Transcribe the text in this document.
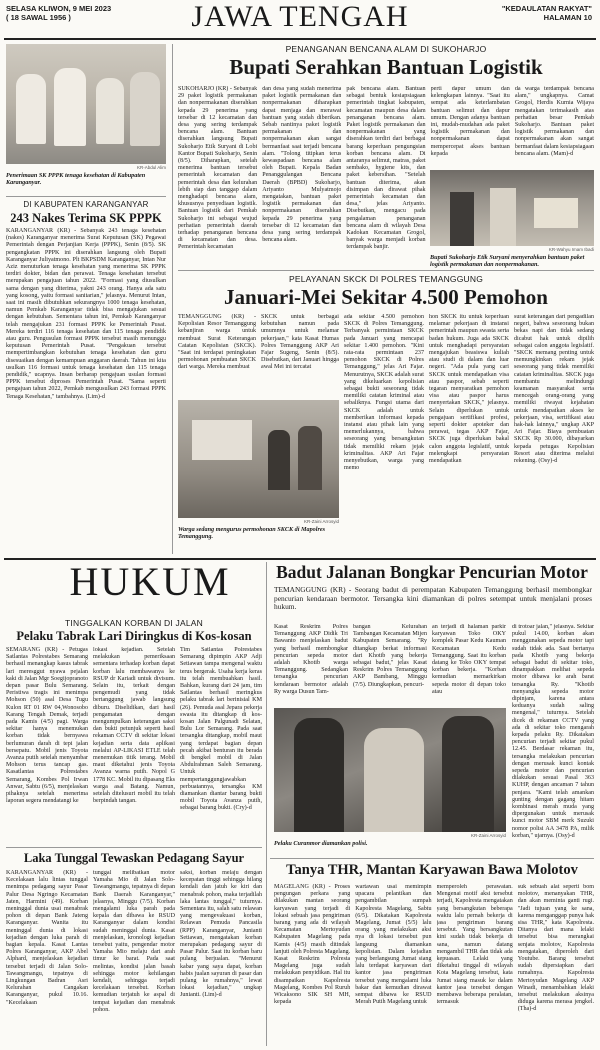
SELASA KLIWON, 9 MEI 2023
( 18 SAWAL 1956 )	JAWA TENGAH	"KEDAULATAN RAKYAT"
HALAMAN 10
KR-Abdul Alim
Penerimaan SK PPPK tenaga kesehatan di Kabupaten Karanganyar.
DI KABUPATEN KARANGANYAR
243 Nakes Terima SK PPPK
KARANGANYAR (KR) - Sebanyak 243 tenaga kesehatan (nakes) Karanganyar menerima Surat Keputusan (SK) Pegawai Pemerintah dengan Perjanjian Kerja (PPPK), Senin (8/5). SK pengangkatan PPPK ini diserahkan langsung oleh Bupati Karanganyar Juliyatmono. Plt BKPSDM Karanganyar, Intan Nur Aziz menuturkan tenaga kesehatan yang menerima SK PPPK terdiri dokter, bidan dan perawat. Tenaga kesehatan tersebut merupakan pengajuan tahun 2022. "Formasi yang diusulkan sama dengan yang diterima, yakni 243 orang. Hanya ada satu yang kosong, yaitu formasi sanitarian," jelasnya. Menurut Intan, saat ini masih dibutuhkan sekurangnya 1000 tenaga kesehatan, namun Pemkab Karanganyar tidak bisa mengajukan sesuai dengan kebutuhan. Sementara tahun ini, Pemkab Karanganyar telah mengajukan 231 formasi PPPK ke Pemerintah Pusat. Mereka terdiri 116 tenaga kesehatan dan 115 tenaga pendidik atau guru. Pengusulan formasi PPPK tersebut masih menunggu keputusan Pemerintah Pusat. "Pengakuan tersebut mempertimbangkan kebutuhan tenaga kesehatan dan guru disesuaikan dengan kemampuan anggaran daerah. Tahun ini kita usulkan 116 formasi untuk tenaga kesehatan dan 115 tenaga pendidik," ucapnya. Insan berharap pengajuan usulan formasi PPPK tersebut diproses Pemerintah Pusat. "Sama seperti pengajuan tahun 2022, Pemkab mengusulkan 243 formasi PPPK Tenaga Kesehatan," tambahnya. (Lim)-d
PENANGANAN BENCANA ALAM DI SUKOHARJO
Bupati Serahkan Bantuan Logistik
SUKOHARJO (KR) - Sebanyak 29 paket logistik permakanan dan nonpermakanan diserahkan kepada 29 penerima yang tersebar di 12 kecamatan dan desa yang sering terdampak bencana alam. Bantuan diserahkan langsung Bupati Sukoharjo Etik Suryani di Lobi Kantor Bupati Sukoharjo, Senin (8/5). Diharapkan, setelah menerima bantuan tersebut pemerintah kecamatan dan pemerintah desa dan kelurahan lebih siap dan tanggap dalam menghadapi bencana alam, khususnya penyediaan logistik. Bantuan logistik dari Pemkab Sukoharjo ini sebagai wujud perhatian pemerintah daerah terhadap penanganan bencana di kecamatan dan desa. Pemerintah kecamatan
dan desa yang sudah menerima paket logistik permakanan dan nonpermakanan diharapkan dapat menjaga dan merawat bantuan yang sudah diberikan. Sebab nantinya paket logistik permakanan dan nonpermakanan akan sangat bermanfaat saat terjadi bencana alam. "Tolong titipkan terus kewaspadaan bencana alam oleh Bupati. Kepala Badan Penanggulangan Bencana Daerah (BPBD) Sukoharjo, Ariyanto Mulyatmojo mengatakan, bantuan paket logistik permakanan dan nonpermakanan diserahkan kepada 29 penerima yang tersebar di 12 kecamatan dan desa yang sering terdampak bencana alam.
pak bencana alam. Bantuan sebagai bentuk kesiapsiagaan pemerintah tingkat kabupaten, kecamatan maupun desa dalam penanganan bencana alam. Paket logistik permakanan dan nonpermakanan yang diserahkan terdiri dari berbagai barang keperluan pengungsian korban bencana alam. Di antaranya selimut, matras, paket sembako, hygiene kits, dan paket kebersihan. "Setelah bantuan diterima, akan disimpan dan dirawat pihak pemerintah kecamatan dan desa," jelas Ariyanto. Disebutkan, mengacu pada pengalaman penanganan bencana alam di wilayah Desa Kadokan Kecamatan Grogol, banyak warga menjadi korban terdampak banjir.
perti dapur umum dan kelengkapan lainnya. "Saat itu sempat ada keterlambatan bantuan selimut dan dapur umum. Dengan adanya bantuan ini, mudah-mudahan ada paket logistik permakanan dan nonpermakanan dapat mempercepat akses bantuan kepada
da warga terdampak bencana alam," ungkapnya. Camat Grogol, Herdis Kurnia Wijaya mengatakan terimakasih atas perhatian besar Pemkab Sukoharjo. Bantuan paket logistik permakanan dan nonpermakanan akan sangat bermanfaat dalam kesiapsiagaan bencana alam. (Mam)-d
KR-Wahyu Imam Ibadi
Bupati Sukoharjo Etik Suryani menyerahkan bantuan paket logistik permakanan dan nonpermakanan.
PELAYANAN SKCK DI POLRES TEMANGGUNG
Januari-Mei Sekitar 4.500 Pemohon
TEMANGGUNG (KR) - Kepolisian Resor Temanggung kebanjiran warga untuk membuat Surat Keterangan Catatan Kepolisian (SKCK). "Saat ini terdapat peningkatan permohonan pembuatan SKCK dari warga. Mereka membuat
SKCK untuk berbagai kebutuhan namun pada umumnya untuk melamar pekerjaan," kata Kasat Humas Polres Temanggung AKP Ari Fajar Sugeng, Senin (8/5). Disebutkan, dari Januari hingga awal Mei ini tercatat
KR-Zaini Arrosyid
Warga sedang mengurus permohonan SKCK di Mapolres Temanggung.
ada sekitar 4.500 pemohon SKCK di Polres Temanggung. Terbanyak permintaan SKCK pada Januari yang mencapai sekitar 1.400 pemohon. "Kini rata-rata permintaan 237 pemohon SKCK di Polres Temanggung," jelas Ari Fajar. Menurutnya, SKCK adalah surat yang dikeluarkan kepolisian sebagai bukti seseorang tidak memiliki catatan kriminal atau sebaliknya. Fungsi utama dari SKCK adalah untuk memberikan informasi kepada instansi atau pihak lain yang memerlukannya, bahwa seseorang yang bersangkutan tidak memiliki rekam jejak kriminalitas. AKP Ari Fajar menyebutkan, warga yang memo
hon SKCK itu untuk keperluan melamar pekerjaan di instansi pemerintah maupun swasta serta badan hukum. Juga ada SKCK untuk menghadapi persyaratan mengajukan beasiswa kuliah atau studi di dalam dan luar negeri. "Ada pula yang cari SKCK untuk mendapatkan visa atau paspor, sebab seperti tegaran menyaratkan pemohon visa atau paspor harus menyertakan SKCK," jelasnya. Selain diperlukan untuk pengajuan sertifikasi profesi, seperti dokter apoteker dan perawat, tegas AKP Fajar, SKCK juga diperlukan bakal calon anggota legislatif, untuk melengkapi persyaratan mendapatkan
surat keterangan dari pengadilan negeri, bahwa seseorang bukan bekas napi dan tidak sedang dicabut hak untuk dipilih sebagai calon anggota legislatif. "SKCK memang penting untuk memungkinkan rekam jejak seseorang yang tidak memiliki catatan kriminalitas. SKCK juga membantu melindungi keamanan masyarakat serta mencegah orang-orang yang memiliki riwayat kejahatan untuk mendapatkan akses ke pekerjaan, visa, sertifikasi atau hak-hak lainnya," ungkap AKP Ari Fajar. Biaya pembuatan SKCK Rp 30.000, dibayarkan kepada petugas Kepolisian Resort atau diterima melalui rekening. (Osy)-d
HUKUM
TINGGALKAN KORBAN DI JALAN
Pelaku Tabrak Lari Diringkus di Kos-kosan
SEMARANG (KR) - Petugas Satlantas Polrestabes Semarang berhasil menangkap kasus tabrak lari meresggut nyawa pejalan kaki di Jalan Mgr Soegijopranoto depan pasar Bulu Semarang. Peristiwa tragis ini menimpa Mohson (50) asal Desa Tugu Kulon RT 01 RW 04,Wonosobo Karang Tengah Demak, terjadi pada Kamis (4/5) pagi. Warga sekitar hanya menemukan korban tidak bernyawa berlumuran darah di tepi jalan bersepatu. Mobil jenis Toyota Avanza putih setelah menyambar Mohson terus tancap gas. Kasatlantas Polrestabes Semarang, Kombes Pol Irwan Anwar, Sabtu (6/5), menjelaskan pihaknya setelah menerima laporan segera mendatangi ke
lokasi kejadian. Setelah melakukan pemeriksaan sementara terhadap korban dapat korban lalu membawanya ke RSUP dr Kariadi untuk divisum. Selain itu, terkait dengan pengemudi yang tidak bertanggung jawab langsung diburu. Diselidikan, dari hasil pengamatan dengan mengumpulkan keterangan saksi dan bukti petunjuk seperti hasil rekaman CCTV di sekitar lokasi kejadian serta data aplikasi melalui AP-LIKASI ETLE telah menemukan titik terang. Mobil maut diketahui jenis Toyota Avanza warna putih. Nopol G 1778 KC. Mobil itu dipasang Eks warga asal Batang. Namun, setelah ditelusuri mobil itu telah berpindah tangan.
Tim Satlantas Polrestabes Semarang dipimpin AKP Adji Setiawan tampa mengenal waktu terus bergerak. Usaha kerja keras itu telah membuahkan hasil. Bahkan, kurang dari 24 jam, tim Satlantas berhasil meringkus pelaku tabrak lari berinisial KM (26). Pemuda asal Jepara pekerja swasta itu ditangkap di kos-kosan Jalan Palgunadi Selatan, Bulu Lor Semarang. Pada saat tersangka ditangkap, mobil maut yang terdapat bagian depan pecah akibat benturan itu berada di bengkel mobil di Jalan Abdulrahman Saleh Semarang. Untuk mempertanggungjawabkan perbuatannya, tersangka KM diamankan diantar barang bukti mobil Toyota Avanza putih, sebagai barang bukti. (Cry)-d
Laka Tunggal Tewaskan Pedagang Sayur
KARANGANYAR (KR) - Kecelakaan lalu lintas tunggal menimpa pedagang sayur Pasar Palur Desa Ngringo Kecamatan Jaten, Harmini (49). Korban meninggal dunia usai menabrak pohon di depan Bank Jateng Karanganyar. Wanita itu meninggal dunia di lokasi kejadian dengan luka parah di bagian kepala. Kasat Lantas Polres Karanganyar, AKP Abel Alphard, menjelaskan kejadian tersebut terjadi di Jalan Solo-Tawangmangu, tepatnya di Lingkungan Badran Asri Kelurahan Cangakan Karanganyar, pukul 10.16. "Kecelakaan
tunggal melibatkan motor Yamaha Mio di Jalan Solo-Tawangmangu, tepatnya di depan Bank Daerah Karanganyar," jelasnya, Minggu (7/5). Korban mengalami luka parah pada kepala dan dibawa ke RSUD Karanganyar dalam kondisi sudah meninggal dunia. Kasat menjelaskan, kronologi kejadian tersebut yaitu, pengendar motor Yamaha Mio melaju dari arah timur ke barat. Pada saat melintas, kondisi jalan basah sehingga motor kehilangan kendali, sehingga terjadi kecelakaan tersebut. Korban kemudian terjatuh ke aspal di tempat kejadian dan menabrak pohon.
saksi, korban melaju dengan kecepatan tinggi sehingga hilang kendali dan jatuh ke kiri dan menabrak pohon, maka terjadilah laka lantas tunggal," tuturnya. Sementara itu, salah satu relawan yang mengevakuasi korban, Relawan Pemuda Pancasila (RPP) Karanganyar, Junianti Setiawan, mengatakan korban merupakan pedagang sayur di Pasar Palur. Saat itu korban baru pulang berjualan. "Menurut kabar yang saya dapat, korban habis jualan sayuran di pasar dan pulang ke rumahnya," lewat lokasi kejadian," ungkap Junianti. (Lim)-d
Badut Jalanan Bongkar Pencurian Motor
TEMANGGUNG (KR) - Seorang badut di perempatan Kabupaten Temanggung berhasil membongkar pencurian kendaraan bermotor. Tersangka kini diamankan di polres setempat untuk menjalani proses hukum.
Kasat Reskrim Polres Temanggung AKP Didik Tri Bawanto menjelaskan badut yang berhasil membongkar pencurian sepeda motor adalah Khotib warga Temanggung. Sedangkan tersangka pencurian kendaraan bermotor adalah Ry warga Dusun Tam-
bangan Kelurahan Tambangan Kecamatan Mijen Kabupaten Semarang. "Ry ditangkap berkat informasi dari Khotib yang bekerja sebagai badut," jelas Kasat Reskrim Polres Temanggung AKP Bambang, Minggu (7/5). Diungkapkan, pencuri-
an terjadi di halaman parkir karyawan Toko OKY komplek Pasar Kedu Kauman Kecamatan Kedu Temanggung. Saat itu korban datang ke Toko OKY tempat korban bekerja. "Korban kemudian memarkirkan sepeda motor di depan toko atau
di trotoar jalan," jelasnya. Sekitar pukul 14.00, korban akan menggunakan sepeda motor tapi sudah tidak ada. Saat bertanya pada Khotib yang bekerja sebagai badut di sekitar toko, dinampakkan melihat sepeda motor dibawa ke arah barat tersangka Ry. "Khotib menyangka sepeda motor dipinjam, karena antara keduanya sudah saling mengenal," tuturnya. Setelah dicek di rekaman CCTV yang ada di sekitar toko mengarah kepada pelaku Ry. Dikatakan pencurian terjadi sekitar pukul 12.45. Berdasar rekaman itu, tersangka melakukan pencurian dengan merusak kunci kontak sepeda motor dan pencurian dilakukan sesuai Pasal 363 KUHP, dengan ancaman 7 tahun penjara. "Kami telah amankan gunting dengan gagang hitam kombinasi merah muda yang dipergunakan untuk merusak kunci motor SBM merk Suzuki nomor polisi AA 3478 PA, milik korban," ujarnya. (Osy)-d
KR-Zaini Arrosyid
Pelaku Curanmor diamankan polisi.
Tanya THR, Mantan Karyawan Bawa Molotov
MAGELANG (KR) - Proses pengungan perkara yang dilakukan mantan seorang karyawan yang terjadi di lokasi sebuah jasa pengiriman barang yang ada di wilayah Kecamatan Mertoyudan Kabupaten Magelang pada Kamis (4/5) masih ditindak lanjuti oleh Polresta Magelang. Kasat Reskrim Polresta Magelang juga sudah melakukan penyidikan. Hal itu disampaikan Kapolresta Magelang, Kombes Pol Ruruh Wicaksono SIK SH MH, kepada
wartawan usai memimpin upacara pelantikan dan pengambilan sumpah Kapolresta Magelang, Sabtu (6/5). Dikatakan Kapolresta Magelang, Jumat (5/5) lalu orang yang melakukan aksi nya di lokasi tersebut pun langsung diamankan kepolisian. Dalam kejadian yang berlangsung Jumat siang lalu terdapat karyawan dari kantor jasa pengiriman tersebut yang mengalami luka bakar dan kemudian dirawat sempat dibawa ke RSUD Merah Putih Magelang untuk
memperoleh perawatan. Mengenai motif aksi tersebut terjadi, Kapolresta mengatakan yang bersangkutan beberapa waktu lalu pernah bekerja di jasa pengiriman barang tersebut. Yang bersangkutan kini sudah tidak bekerja di sana, namun datang mengambil THR dan tidak ada kepuasan. Lelaki yang diketahui tinggal di wilayah Kota Magelang tersebut, kata Jumat siang masuk ke dalam kantor jasa tersebut dengan membawa beberapa peralatan, termasuk
suk sebuah alat seperti bom molotov, menanyakan THR, dan akan meminta ganti rugi. "Jadi tujuan yang ke sana, karena menganggap punya hak sisa THR," kata Kapolresta. Ditanya dari mana lelaki tersebut bisa merangkai senjata molotov, Kapolresta mengatakan, diperoleh dari Youtube. Barang tersebut sudah dipersiapkan dari rumahnya. Kapolresta Mertoyudan Magelang AKP Winadi, menambahkan lelaki tersebut melakukan aksinya diduga karena merasa jengkel. (Tha)-d
